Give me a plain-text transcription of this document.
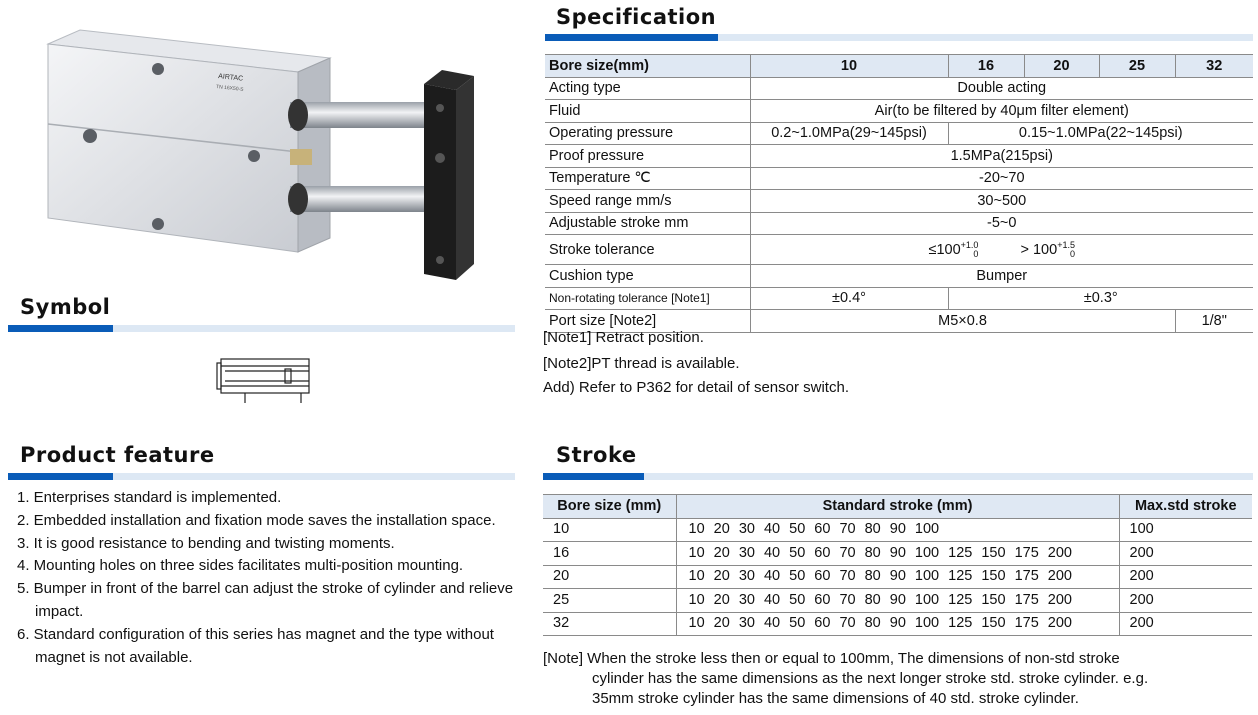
AIRTAC
TN 16X50-S
Symbol
Product feature
1. Enterprises standard is implemented.
2. Embedded installation and fixation mode saves the installation space.
3. It is good resistance to bending and twisting moments.
4. Mounting holes on three sides facilitates multi-position mounting.
5. Bumper in front of the barrel can adjust the stroke of cylinder and relieve impact.
6. Standard configuration of this series has magnet and the type without magnet is not available.
Specification
Bore size(mm)	10	16	20	25	32
Acting type	Double acting				
Fluid	Air(to be filtered by 40μm filter element)				
Operating pressure	0.2~1.0MPa(29~145psi)	0.15~1.0MPa(22~145psi)			
Proof pressure	1.5MPa(215psi)				
Temperature ℃	-20~70				
Speed range mm/s	30~500				
Adjustable stroke mm	-5~0				
Stroke tolerance	$\le 100^{+1.0}_0 > 100^{+1.5}_0$
Cushion type	Bumper				
Non-rotating tolerance [Note1]	±0.4°	±0.3°			
Port size [Note2]	M5×0.8				1/8"
[Note1] Retract position.
[Note2]PT thread is available.
Add) Refer to P362 for detail of sensor switch.
Stroke
Bore size (mm)	Standard stroke (mm)	Max.std stroke
10	10 20 30 40 50 60 70 80 90 100	100
16	10 20 30 40 50 60 70 80 90 100 125 150 175 200	200
20	10 20 30 40 50 60 70 80 90 100 125 150 175 200	200
25	10 20 30 40 50 60 70 80 90 100 125 150 175 200	200
32	10 20 30 40 50 60 70 80 90 100 125 150 175 200	200
[Note] When the stroke less then or equal to 100mm, The dimensions of non-std stroke
cylinder has the same dimensions as the next longer stroke std. stroke cylinder. e.g.
35mm stroke cylinder has the same dimensions of 40 std. stroke cylinder.
